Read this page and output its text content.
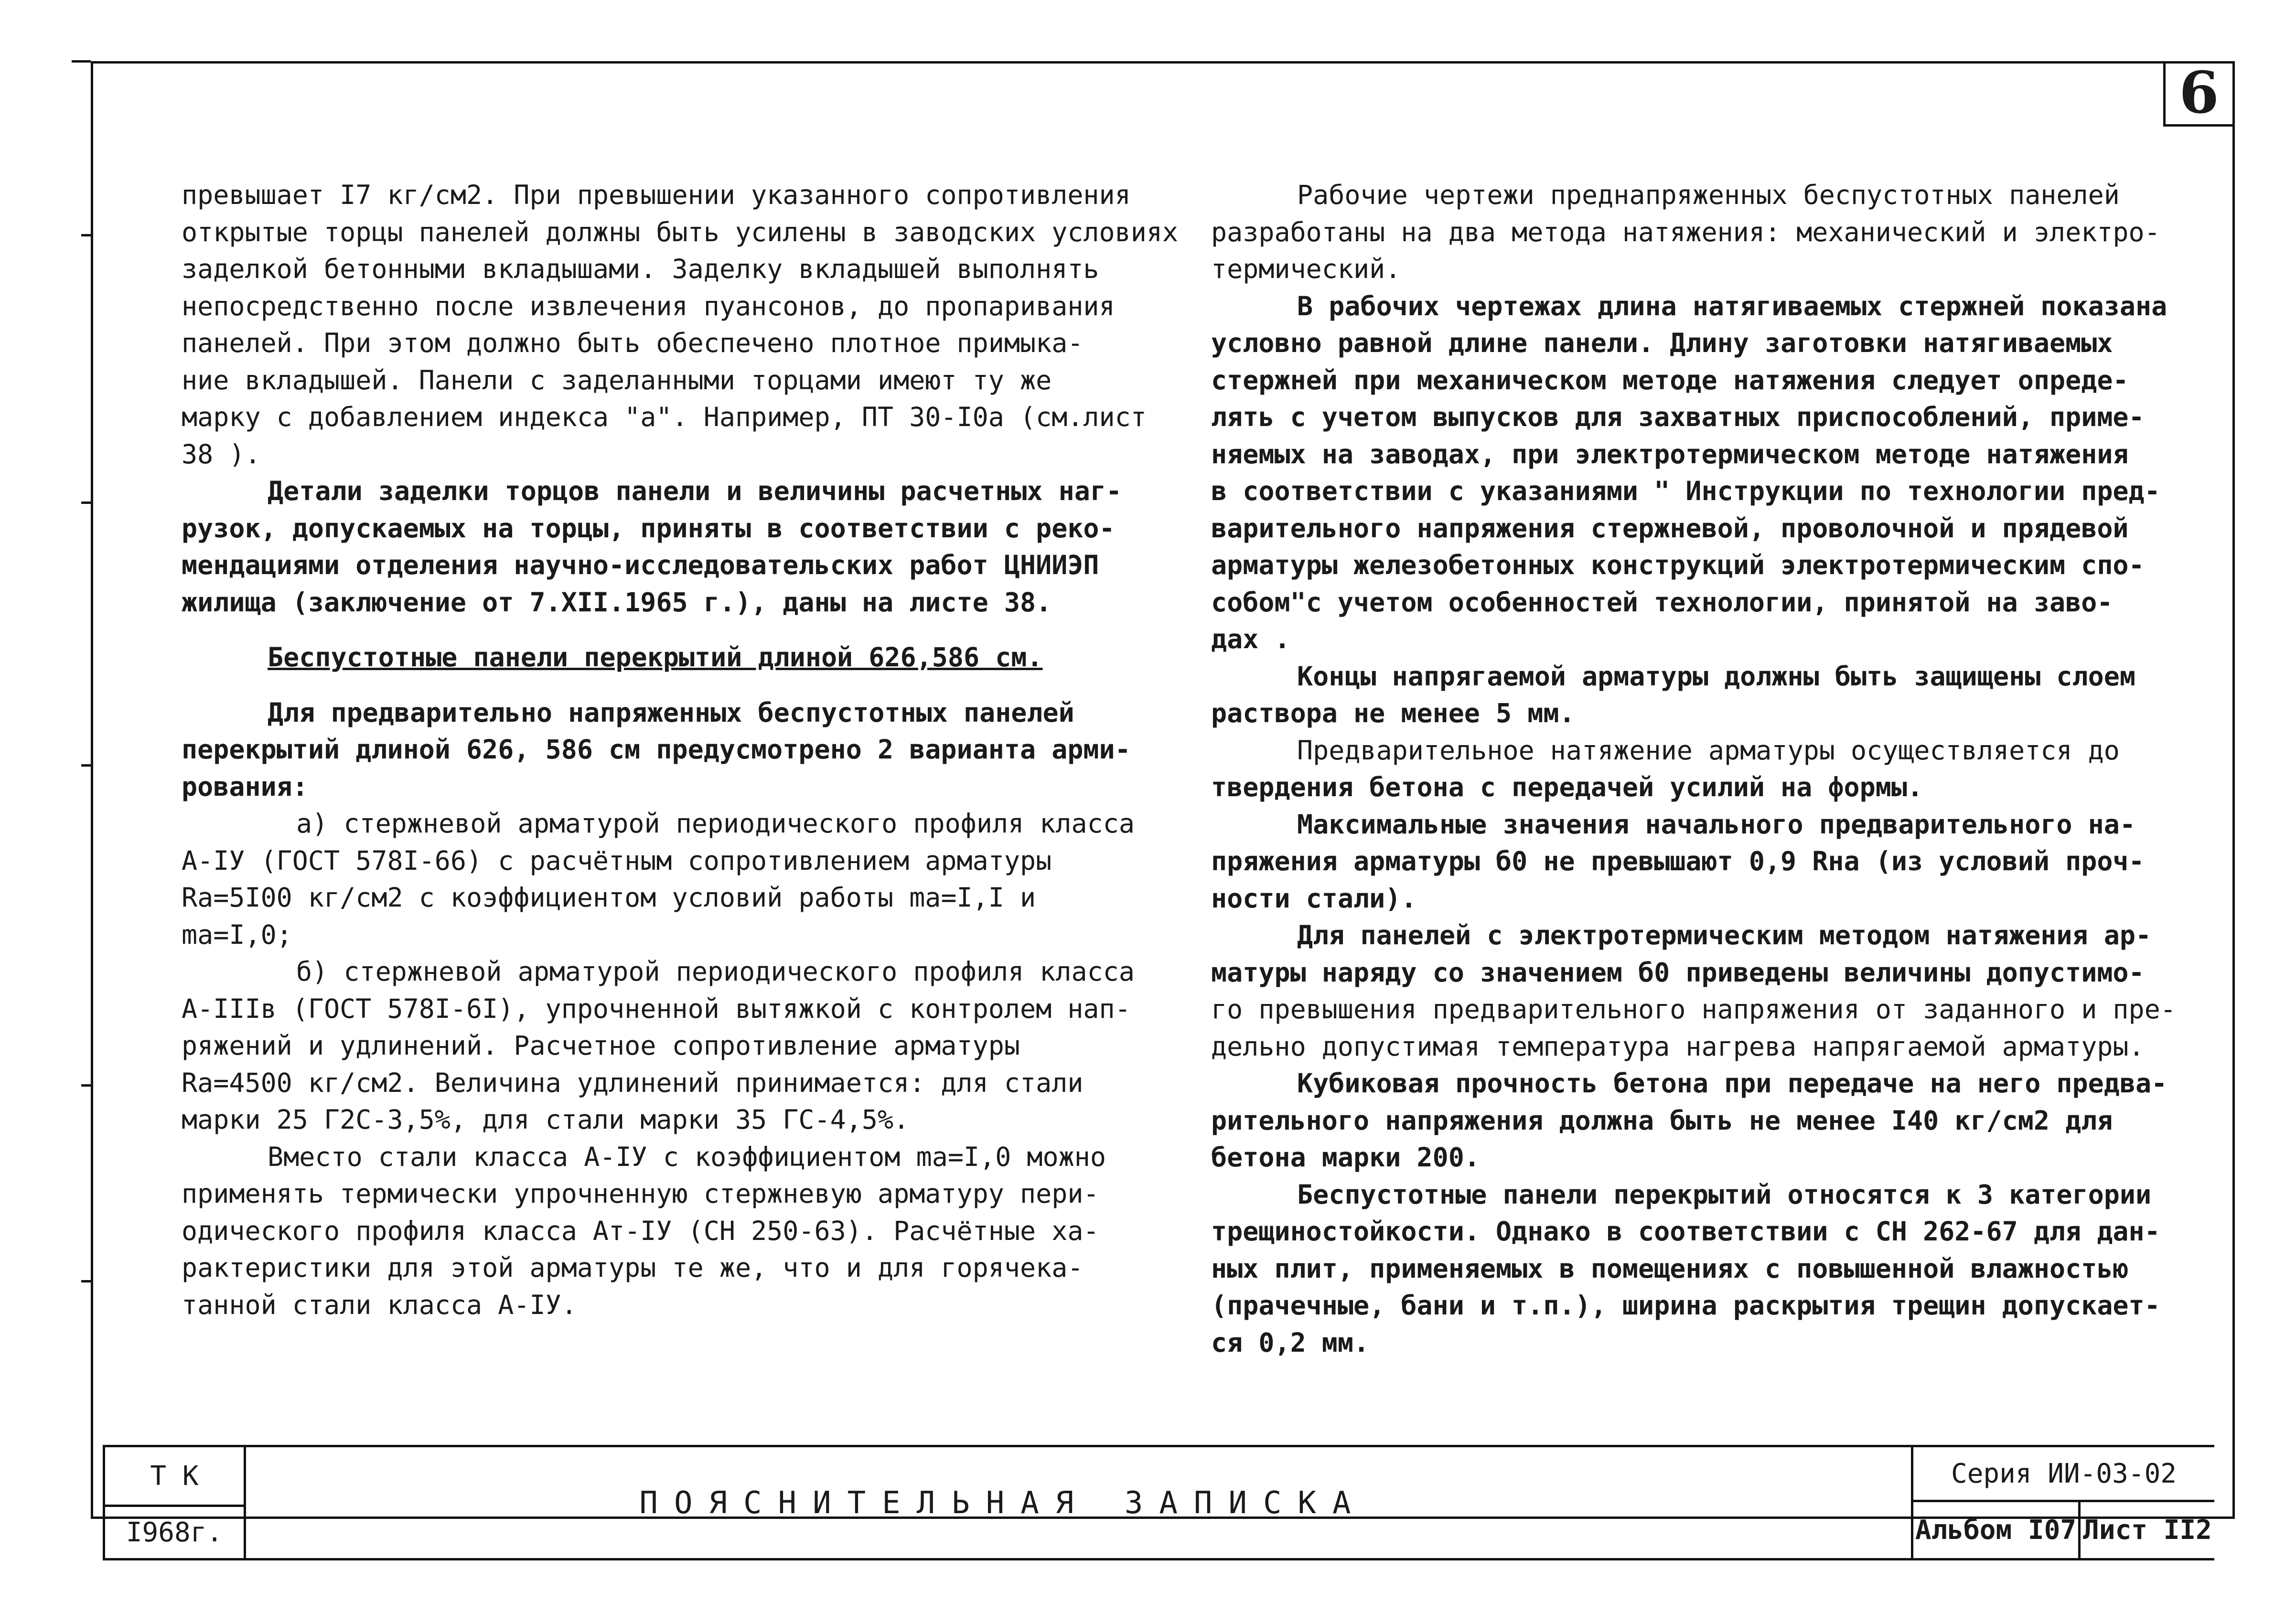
6

превышает I7 кг/см2. При превышении указанного сопротивления

открытые торцы панелей должны быть усилены в заводских условиях

заделкой бетонными вкладышами. Заделку вкладышей выполнять

непосредственно после извлечения пуансонов, до пропаривания

панелей. При этом должно быть обеспечено плотное примыка-

ние вкладышей. Панели с заделанными торцами имеют ту же

марку с добавлением индекса "а". Например, ПТ 30-I0а (см.лист

38 ).

Детали заделки торцов панели и величины расчетных наг-

рузок, допускаемых на торцы, приняты в соответствии с реко-

мендациями отделения научно-исследовательских работ ЦНИИЭП

жилища (заключение от 7.XII.1965 г.), даны на листе 38.

Беспустотные панели перекрытий длиной 626,586 см.

Для предварительно напряженных беспустотных панелей

перекрытий длиной 626, 586 см предусмотрено 2 варианта арми-

рования:

а) стержневой арматурой периодического профиля класса

А-IУ (ГОСТ 578I-66) с расчётным сопротивлением арматуры

Rа=5I00 кг/см2 с коэффициентом условий работы mа=I,I и

mа=I,0;

б) стержневой арматурой периодического профиля класса

А-IIIв (ГОСТ 578I-6I), упрочненной вытяжкой с контролем нап-

ряжений и удлинений. Расчетное сопротивление арматуры

Rа=4500 кг/см2. Величина удлинений принимается: для стали

марки 25 Г2С-3,5%, для стали марки 35 ГС-4,5%.

Вместо стали класса А-IУ с коэффициентом mа=I,0 можно

применять термически упрочненную стержневую арматуру пери-

одического профиля класса Ат-IУ (СН 250-63). Расчётные ха-

рактеристики для этой арматуры те же, что и для горячека-

танной стали класса А-IУ.

Рабочие чертежи преднапряженных беспустотных панелей

разработаны на два метода натяжения: механический и электро-

термический.

В рабочих чертежах длина натягиваемых стержней показана

условно равной длине панели. Длину заготовки натягиваемых

стержней при механическом методе натяжения следует опреде-

лять с учетом выпусков для захватных приспособлений, приме-

няемых на заводах, при электротермическом методе натяжения

в соответствии с указаниями " Инструкции по технологии пред-

варительного напряжения стержневой, проволочной и прядевой

арматуры железобетонных конструкций электротермическим спо-

собом"с учетом особенностей технологии, принятой на заво-

дах .

Концы напрягаемой арматуры должны быть защищены слоем

раствора не менее 5 мм.

Предварительное натяжение арматуры осуществляется до

твердения бетона с передачей усилий на формы.

Максимальные значения начального предварительного на-

пряжения арматуры б0 не превышают 0,9 Rна (из условий проч-

ности стали).

Для панелей с электротермическим методом натяжения ар-

матуры наряду со значением б0 приведены величины допустимо-

го превышения предварительного напряжения от заданного и пре-

дельно допустимая температура нагрева напрягаемой арматуры.

Кубиковая прочность бетона при передаче на него предва-

рительного напряжения должна быть не менее I40 кг/см2 для

бетона марки 200.

Беспустотные панели перекрытий относятся к 3 категории

трещиностойкости. Однако в соответствии с СН 262-67 для дан-

ных плит, применяемых в помещениях с повышенной влажностью

(прачечные, бани и т.п.), ширина раскрытия трещин допускает-

ся 0,2 мм.

Т К
I968г.
ПОЯСНИТЕЛЬНАЯ ЗАПИСКА
Серия ИИ-03-02
Альбом I07 Лист II2
